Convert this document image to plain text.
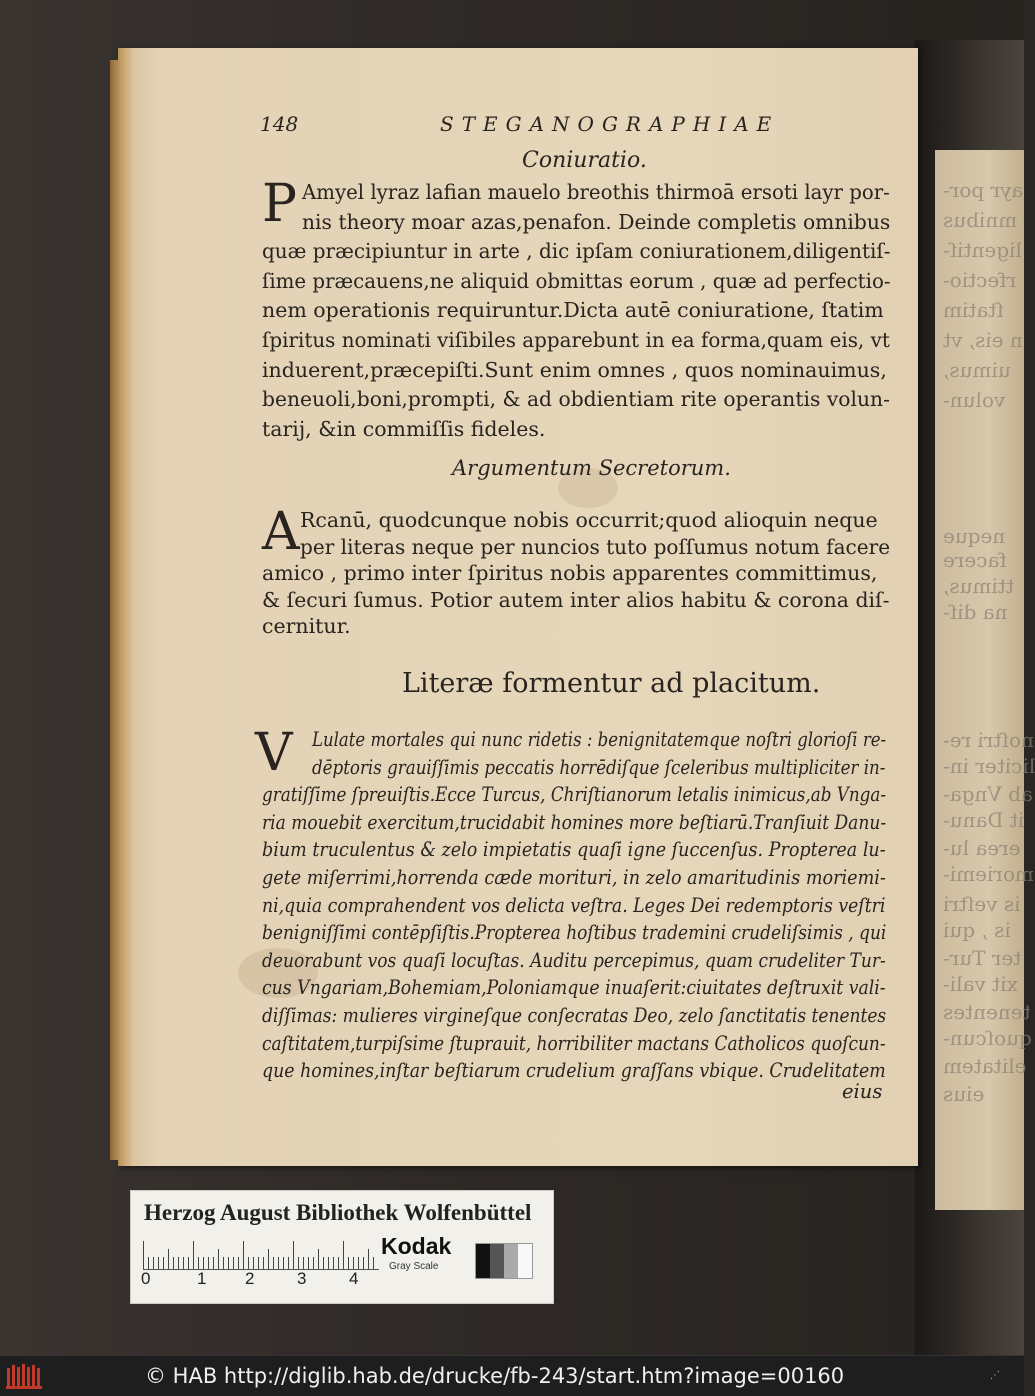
ayr por-
mnibus
ligentiſ-
rfectio-
ſtatim
n eis, vt
uimus,
volun-
neque
facere
ttimus,
na diſ-
noſtri re-
liciter in-
ab Vnga-
it Danu-
erea lu-
moriemi-
is veſtri
is , qui
ter Tur-
xit vali-
tenentes
quoſcun-
elitatem
eius
148	STEGANOGRAPHIAE
Coniuratio.
P Amyel lyraz lafian mauelo breothis thirmoā ersoti layr por-
nis theory moar azas,penafon. Deinde completis omnibus
quæ præcipiuntur in arte , dic ipſam coniurationem,diligentiſ-
ſime præcauens,ne aliquid obmittas eorum , quæ ad perfectio-
nem operationis requiruntur.Dicta autē coniuratione, ſtatim
ſpiritus nominati viſibiles apparebunt in ea forma,quam eis, vt
induerent,præcepiſti.Sunt enim omnes , quos nominauimus,
beneuoli,boni,prompti, & ad obdientiam rite operantis volun-
tarij, &in commiſſis fideles.
Argumentum Secretorum.
A Rcanū, quodcunque nobis occurrit;quod alioquin neque
per literas neque per nuncios tuto poſſumus notum facere
amico , primo inter ſpiritus nobis apparentes committimus,
& ſecuri ſumus. Potior autem inter alios habitu & corona diſ-
cernitur.
Literæ formentur ad placitum.
V Lulate mortales qui nunc ridetis : benignitatemque noſtri glorioſi re-
dēptoris grauiſſimis peccatis horrēdiſque ſceleribus multipliciter in-
gratiſſime ſpreuiſtis.Ecce Turcus, Chriſtianorum letalis inimicus,ab Vnga-
ria mouebit exercitum,trucidabit homines more beſtiarū.Tranſiuit Danu-
bium truculentus & zelo impietatis quaſi igne ſuccenſus. Propterea lu-
gete miſerrimi,horrenda cæde morituri, in zelo amaritudinis moriemi-
ni,quia comprahendent vos delicta veſtra. Leges Dei redemptoris veſtri
benigniſſimi contēpſiſtis.Propterea hoſtibus trademini crudeliſsimis , qui
deuorabunt vos quaſi locuſtas. Auditu percepimus, quam crudeliter Tur-
cus Vngariam,Bohemiam,Poloniamque inuaſerit:ciuitates deſtruxit vali-
diſſimas: mulieres virgineſque conſecratas Deo, zelo ſanctitatis tenentes
caſtitatem,turpiſsime ſtuprauit, horribiliter mactans Catholicos quoſcun-
que homines,inſtar beſtiarum crudelium graſſans vbique. Crudelitatem
eius
Herzog August Bibliothek Wolfenbüttel
0	1 2	3	4
Kodak
Gray Scale
© HAB http://diglib.hab.de/drucke/fb-243/start.htm?image=00160	⋰
